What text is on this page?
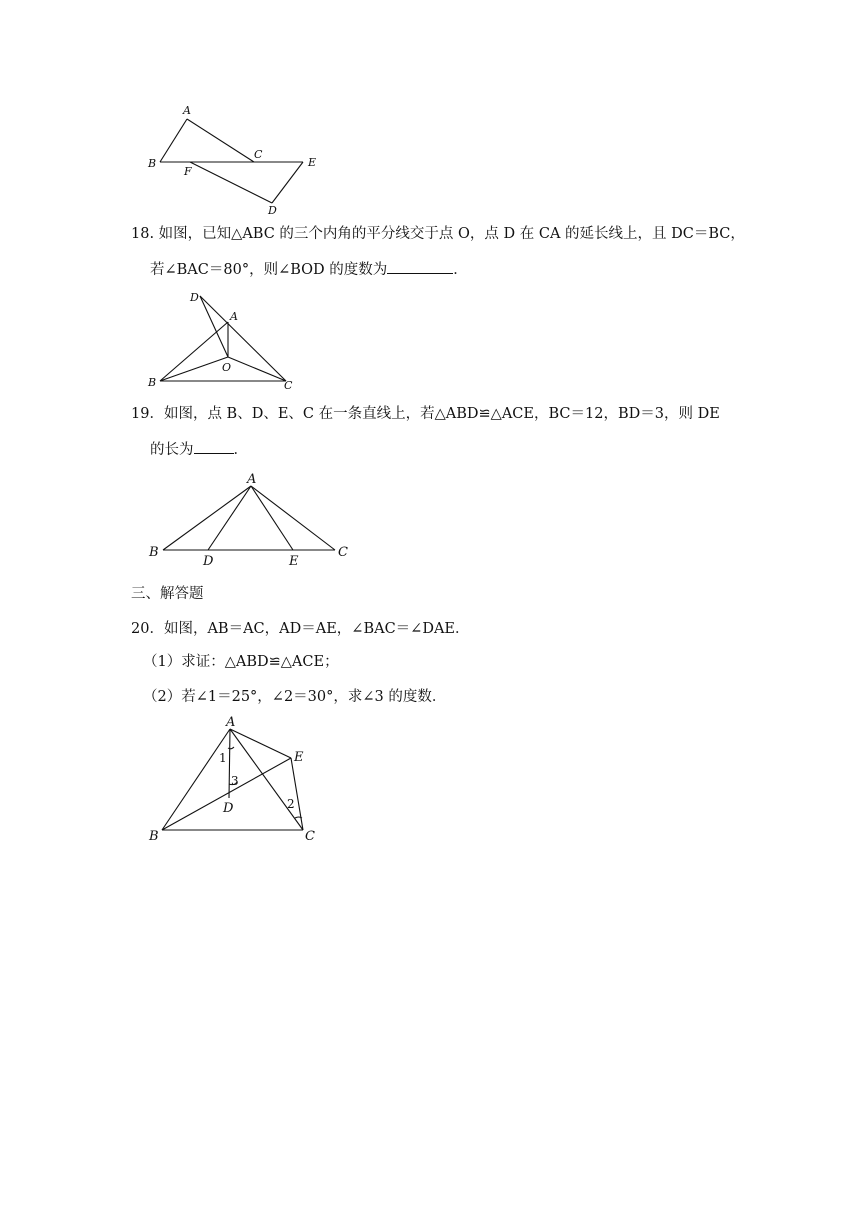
A
B
C
E
F
D
18. 如图，已知△ABC 的三个内角的平分线交于点 O，点 D 在 CA 的延长线上，且 DC＝BC，
若∠BAC＝80°，则∠BOD 的度数为	．
D
A
O
B	C
19．如图，点 B、D、E、C 在一条直线上，若△ABD≌△ACE，BC＝12，BD＝3，则 DE
的长为	．
A
B
D	E
C
三、解答题
20．如图，AB＝AC，AD＝AE，∠BAC＝∠DAE．
（1）求证：△ABD≌△ACE；
（2）若∠1＝25°，∠2＝30°，求∠3 的度数．
A
E
D
B	C
1
3
2
